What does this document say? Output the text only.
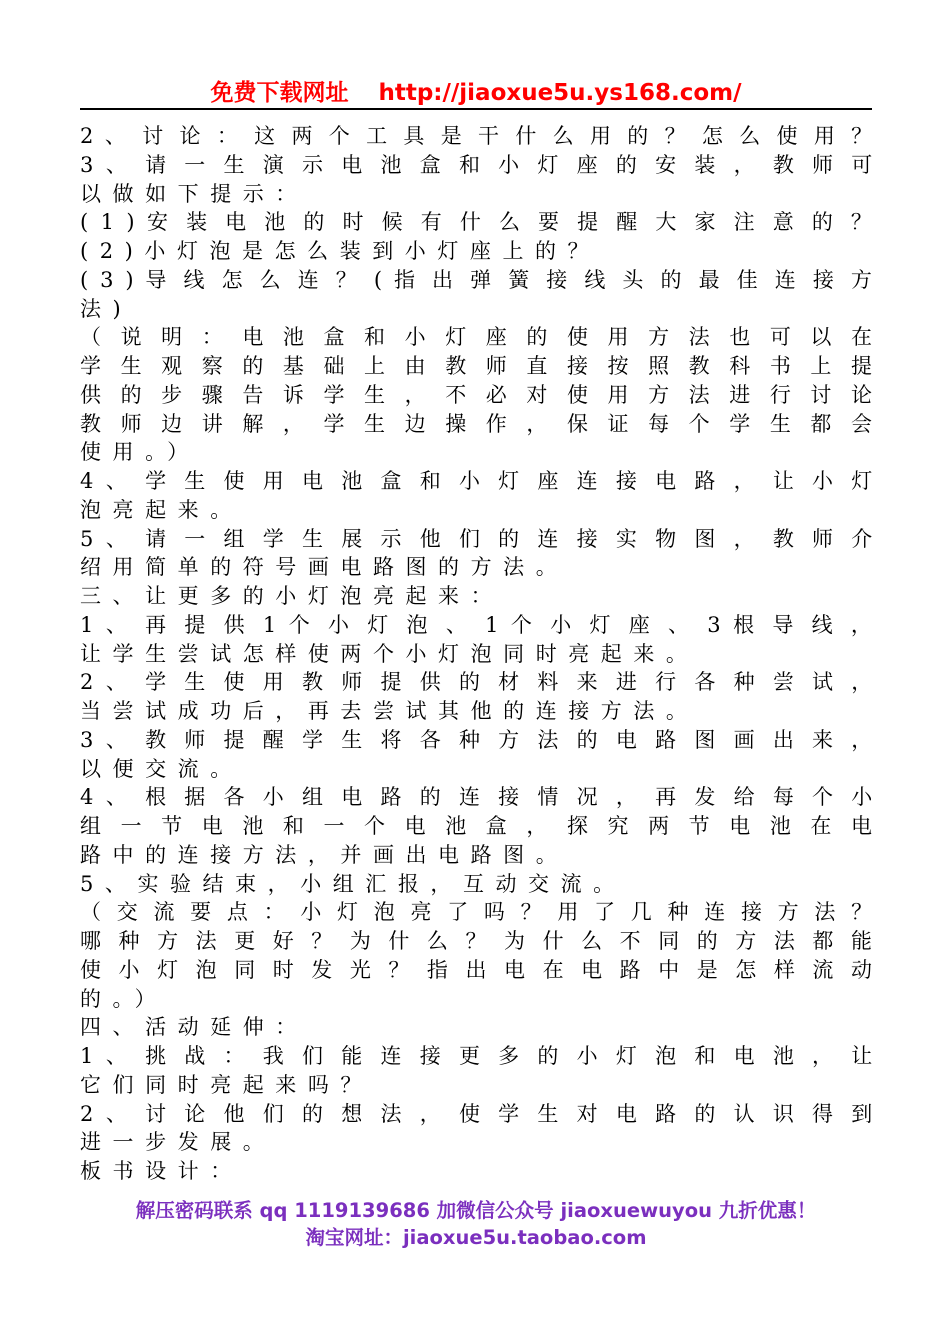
免费下载网址 http://jiaoxue5u.ys168.com/
2 、 讨 论 ： 这 两 个 工 具 是 干 什 么 用 的 ？ 怎 么 使 用 ？
3 、 请 一 生 演 示 电 池 盒 和 小 灯 座 的 安 装 ， 教 师 可
以做如下提示：
( 1 ) 安 装 电 池 的 时 候 有 什 么 要 提 醒 大 家 注 意 的 ？
(2)小灯泡是怎么装到小灯座上的？
( 3 ) 导 线 怎 么 连 ？ ( 指 出 弹 簧 接 线 头 的 最 佳 连 接 方
法)
（ 说 明 ： 电 池 盒 和 小 灯 座 的 使 用 方 法 也 可 以 在
学 生 观 察 的 基 础 上 由 教 师 直 接 按 照 教 科 书 上 提
供 的 步 骤 告 诉 学 生 ， 不 必 对 使 用 方 法 进 行 讨 论
教 师 边 讲 解 ， 学 生 边 操 作 ， 保 证 每 个 学 生 都 会
使用。）
4 、 学 生 使 用 电 池 盒 和 小 灯 座 连 接 电 路 ， 让 小 灯
泡亮起来。
5 、 请 一 组 学 生 展 示 他 们 的 连 接 实 物 图 ， 教 师 介
绍用简单的符号画电路图的方法。
三、让更多的小灯泡亮起来：
1 、 再 提 供 1 个 小 灯 泡 、 1 个 小 灯 座 、 3 根 导 线 ，
让学生尝试怎样使两个小灯泡同时亮起来。
2 、 学 生 使 用 教 师 提 供 的 材 料 来 进 行 各 种 尝 试 ，
当尝试成功后，再去尝试其他的连接方法。
3 、 教 师 提 醒 学 生 将 各 种 方 法 的 电 路 图 画 出 来 ，
以便交流。
4 、 根 据 各 小 组 电 路 的 连 接 情 况 ， 再 发 给 每 个 小
组 一 节 电 池 和 一 个 电 池 盒 ， 探 究 两 节 电 池 在 电
路中的连接方法，并画出电路图。
5、实验结束，小组汇报，互动交流。
（ 交 流 要 点 ： 小 灯 泡 亮 了 吗 ？ 用 了 几 种 连 接 方 法 ？
哪 种 方 法 更 好 ？ 为 什 么 ？ 为 什 么 不 同 的 方 法 都 能
使 小 灯 泡 同 时 发 光 ？ 指 出 电 在 电 路 中 是 怎 样 流 动
的。）
四、活动延伸：
1 、 挑 战 ： 我 们 能 连 接 更 多 的 小 灯 泡 和 电 池 ， 让
它们同时亮起来吗？
2 、 讨 论 他 们 的 想 法 ， 使 学 生 对 电 路 的 认 识 得 到
进一步发展。
板书设计：
解压密码联系 qq 1119139686 加微信公众号 jiaoxuewuyou 九折优惠！
淘宝网址：jiaoxue5u.taobao.com
